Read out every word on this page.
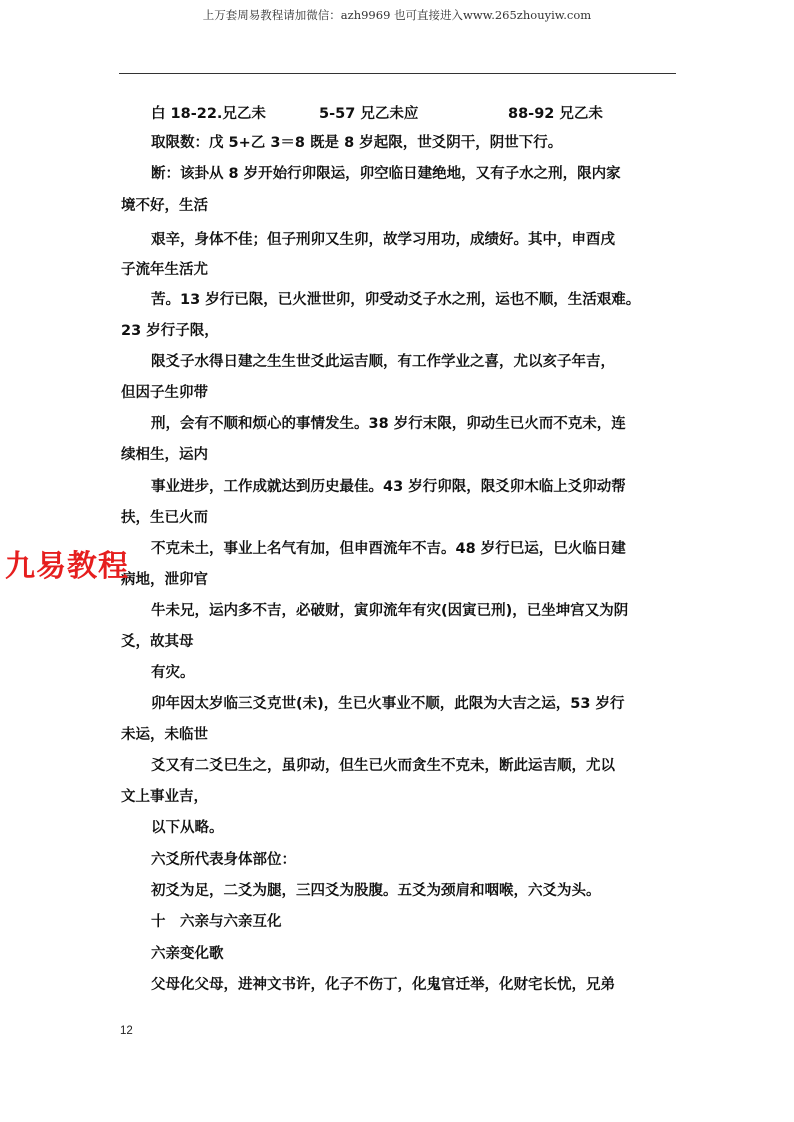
上万套周易教程请加微信：azh9969 也可直接进入www.265zhouyiw.com
白 18-22.兄乙未	5-57 兄乙未应	88-92 兄乙未
取限数：戊 5+乙 3＝8 既是 8 岁起限，世爻阴干，阴世下行。
断：该卦从 8 岁开始行卯限运，卯空临日建绝地，又有子水之刑，限内家
境不好，生活
艰辛，身体不佳；但子刑卯又生卯，故学习用功，成绩好。其中，申酉戌
子流年生活尤
苦。13 岁行已限，已火泄世卯，卯受动爻子水之刑，运也不顺，生活艰难。
23 岁行子限，
限爻子水得日建之生生世爻此运吉顺，有工作学业之喜，尤以亥子年吉，
但因子生卯带
刑，会有不顺和烦心的事情发生。38 岁行末限，卯动生已火而不克未，连
续相生，运内
事业进步，工作成就达到历史最佳。43 岁行卯限，限爻卯木临上爻卯动帮
扶，生已火而
不克未土，事业上名气有加，但申酉流年不吉。48 岁行巳运，巳火临日建
病地，泄卯官
牛未兄，运内多不吉，必破财，寅卯流年有灾(因寅已刑)，已坐坤宫又为阴
爻，故其母
有灾。
卯年因太岁临三爻克世(未)，生已火事业不顺，此限为大吉之运，53 岁行
未运，未临世
爻又有二爻巳生之，虽卯动，但生已火而贪生不克未，断此运吉顺，尤以
文上事业吉，
以下从略。
六爻所代表身体部位：
初爻为足，二爻为腿，三四爻为股腹。五爻为颈肩和咽喉，六爻为头。
十　六亲与六亲互化
六亲变化歌
父母化父母，进神文书许，化子不伤丁，化鬼官迁举，化财宅长忧，兄弟
九易教程
12
